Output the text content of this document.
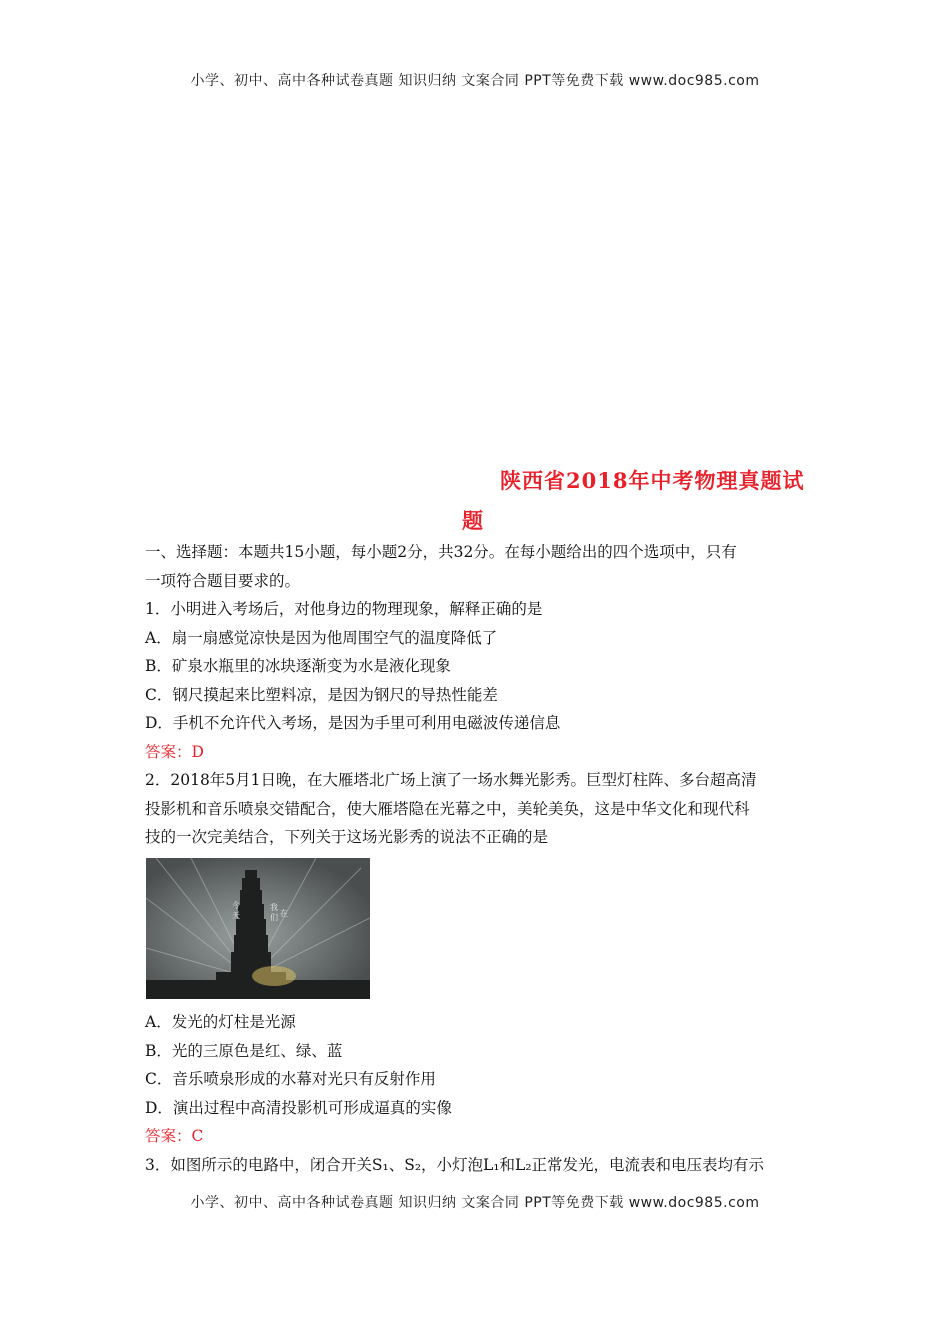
小学、初中、高中各种试卷真题 知识归纳 文案合同 PPT等免费下载 www.doc985.com
陕西省2018年中考物理真题试
题
一、选择题：本题共15小题，每小题2分，共32分。在每小题给出的四个选项中，只有
一项符合题目要求的。
1．小明进入考场后，对他身边的物理现象，解释正确的是
A．扇一扇感觉凉快是因为他周围空气的温度降低了
B．矿泉水瓶里的冰块逐渐变为水是液化现象
C．钢尺摸起来比塑料凉，是因为钢尺的导热性能差
D．手机不允许代入考场，是因为手里可利用电磁波传递信息
答案：D
2．2018年5月1日晚，在大雁塔北广场上演了一场水舞光影秀。巨型灯柱阵、多台超高清
投影机和音乐喷泉交错配合，使大雁塔隐在光幕之中，美轮美奂，这是中华文化和现代科
技的一次完美结合，下列关于这场光影秀的说法不正确的是
今
天
我
们 在
A．发光的灯柱是光源
B．光的三原色是红、绿、蓝
C．音乐喷泉形成的水幕对光只有反射作用
D．演出过程中高清投影机可形成逼真的实像
答案：C
3．如图所示的电路中，闭合开关S₁、S₂，小灯泡L₁和L₂正常发光，电流表和电压表均有示
小学、初中、高中各种试卷真题 知识归纳 文案合同 PPT等免费下载 www.doc985.com
